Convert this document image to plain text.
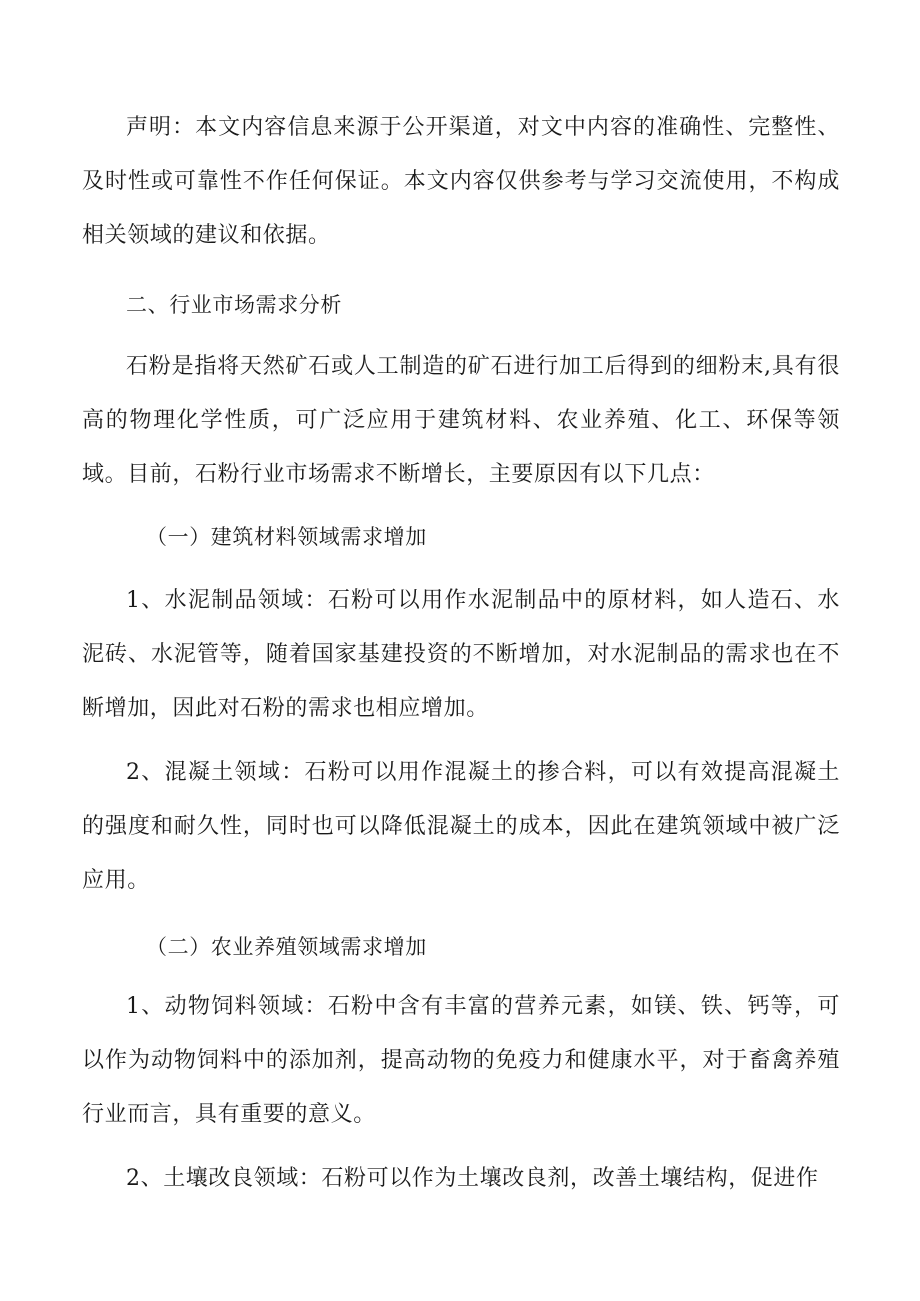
声明：本文内容信息来源于公开渠道，对文中内容的准确性、完整性、及时性或可靠性不作任何保证。本文内容仅供参考与学习交流使用，不构成相关领域的建议和依据。

二、行业市场需求分析

石粉是指将天然矿石或人工制造的矿石进行加工后得到的细粉末,具有很高的物理化学性质，可广泛应用于建筑材料、农业养殖、化工、环保等领域。目前，石粉行业市场需求不断增长，主要原因有以下几点：

（一）建筑材料领域需求增加

1、水泥制品领域：石粉可以用作水泥制品中的原材料，如人造石、水泥砖、水泥管等，随着国家基建投资的不断增加，对水泥制品的需求也在不断增加，因此对石粉的需求也相应增加。

2、混凝土领域：石粉可以用作混凝土的掺合料，可以有效提高混凝土的强度和耐久性，同时也可以降低混凝土的成本，因此在建筑领域中被广泛应用。

（二）农业养殖领域需求增加

1、动物饲料领域：石粉中含有丰富的营养元素，如镁、铁、钙等，可以作为动物饲料中的添加剂，提高动物的免疫力和健康水平，对于畜禽养殖行业而言，具有重要的意义。

2、土壤改良领域：石粉可以作为土壤改良剂，改善土壤结构，促进作
